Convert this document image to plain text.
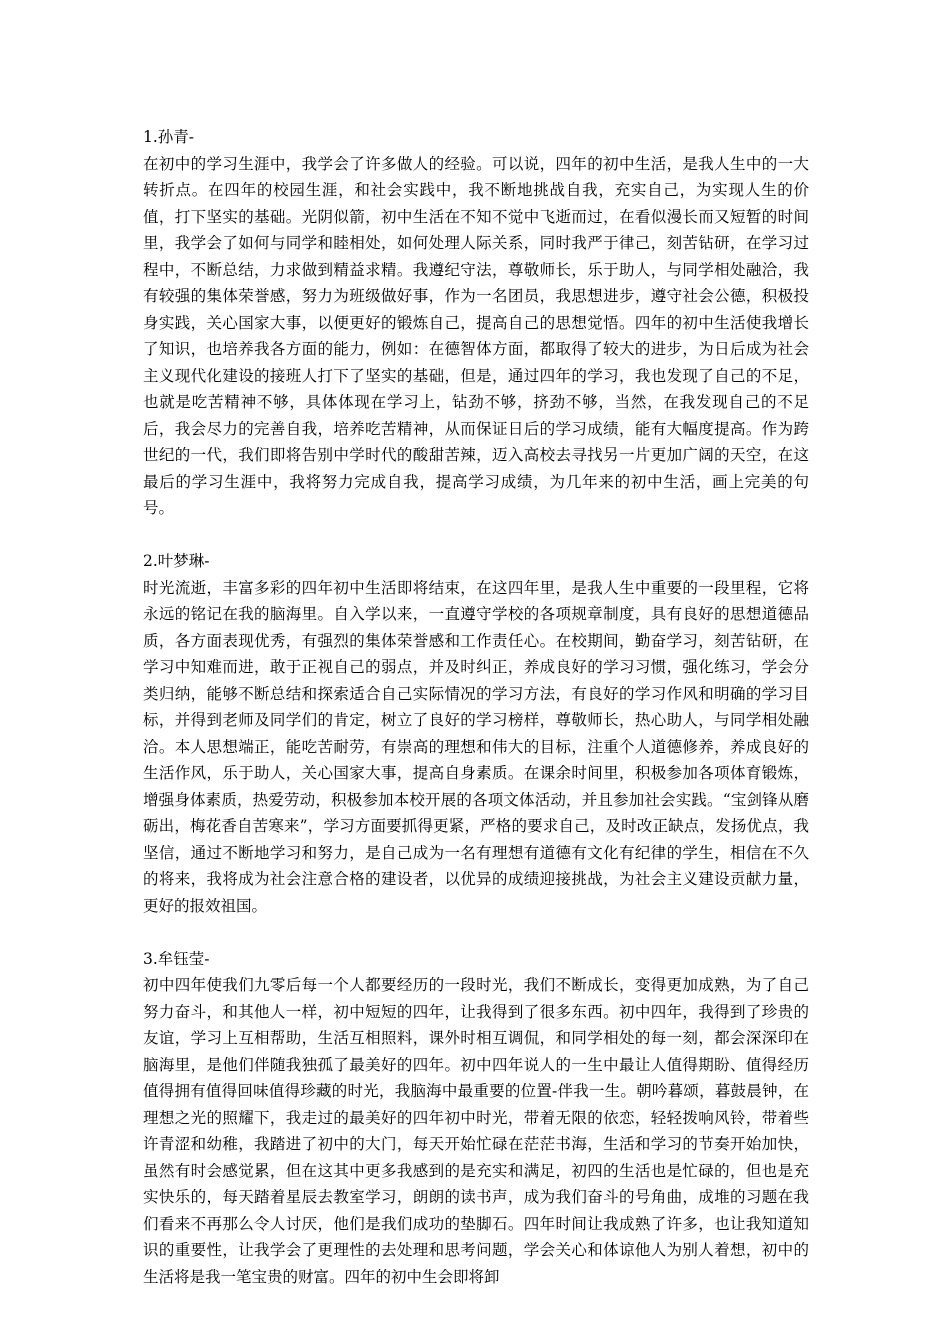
1.孙青-

在初中的学习生涯中，我学会了许多做人的经验。可以说，四年的初中生活，是我人生中的一大转折点。在四年的校园生涯，和社会实践中，我不断地挑战自我，充实自己，为实现人生的价值，打下坚实的基础。光阴似箭，初中生活在不知不觉中飞逝而过，在看似漫长而又短暂的时间里，我学会了如何与同学和睦相处，如何处理人际关系，同时我严于律己，刻苦钻研，在学习过程中，不断总结，力求做到精益求精。我遵纪守法，尊敬师长，乐于助人，与同学相处融洽，我有较强的集体荣誉感，努力为班级做好事，作为一名团员，我思想进步，遵守社会公德，积极投身实践，关心国家大事，以便更好的锻炼自己，提高自己的思想觉悟。四年的初中生活使我增长了知识，也培养我各方面的能力，例如：在德智体方面，都取得了较大的进步，为日后成为社会主义现代化建设的接班人打下了坚实的基础，但是，通过四年的学习，我也发现了自己的不足，也就是吃苦精神不够，具体体现在学习上，钻劲不够，挤劲不够，当然，在我发现自己的不足后，我会尽力的完善自我，培养吃苦精神，从而保证日后的学习成绩，能有大幅度提高。作为跨世纪的一代，我们即将告别中学时代的酸甜苦辣，迈入高校去寻找另一片更加广阔的天空，在这最后的学习生涯中，我将努力完成自我，提高学习成绩，为几年来的初中生活，画上完美的句号。

2.叶梦琳-

时光流逝，丰富多彩的四年初中生活即将结束，在这四年里，是我人生中重要的一段里程，它将永远的铭记在我的脑海里。自入学以来，一直遵守学校的各项规章制度，具有良好的思想道德品质，各方面表现优秀，有强烈的集体荣誉感和工作责任心。在校期间，勤奋学习，刻苦钻研，在学习中知难而进，敢于正视自己的弱点，并及时纠正，养成良好的学习习惯，强化练习，学会分类归纳，能够不断总结和探索适合自己实际情况的学习方法，有良好的学习作风和明确的学习目标，并得到老师及同学们的肯定，树立了良好的学习榜样，尊敬师长，热心助人，与同学相处融洽。本人思想端正，能吃苦耐劳，有崇高的理想和伟大的目标，注重个人道德修养，养成良好的生活作风，乐于助人，关心国家大事，提高自身素质。在课余时间里，积极参加各项体育锻炼，增强身体素质，热爱劳动，积极参加本校开展的各项文体活动，并且参加社会实践。“宝剑锋从磨砺出，梅花香自苦寒来”，学习方面要抓得更紧，严格的要求自己，及时改正缺点，发扬优点，我坚信，通过不断地学习和努力，是自己成为一名有理想有道德有文化有纪律的学生，相信在不久的将来，我将成为社会注意合格的建设者，以优异的成绩迎接挑战，为社会主义建设贡献力量，更好的报效祖国。

3.牟钰莹-

初中四年使我们九零后每一个人都要经历的一段时光，我们不断成长，变得更加成熟，为了自己努力奋斗，和其他人一样，初中短短的四年，让我得到了很多东西。初中四年，我得到了珍贵的友谊，学习上互相帮助，生活互相照料，课外时相互调侃，和同学相处的每一刻，都会深深印在脑海里，是他们伴随我独孤了最美好的四年。初中四年说人的一生中最让人值得期盼、值得经历值得拥有值得回味值得珍藏的时光，我脑海中最重要的位置-伴我一生。朝吟暮颂，暮鼓晨钟，在理想之光的照耀下，我走过的最美好的四年初中时光，带着无限的依恋，轻轻拨响风铃，带着些许青涩和幼稚，我踏进了初中的大门，每天开始忙碌在茫茫书海，生活和学习的节奏开始加快，虽然有时会感觉累，但在这其中更多我感到的是充实和满足，初四的生活也是忙碌的，但也是充实快乐的，每天踏着星辰去教室学习，朗朗的读书声，成为我们奋斗的号角曲，成堆的习题在我们看来不再那么令人讨厌，他们是我们成功的垫脚石。四年时间让我成熟了许多，也让我知道知识的重要性，让我学会了更理性的去处理和思考问题，学会关心和体谅他人为别人着想，初中的生活将是我一笔宝贵的财富。四年的初中生会即将卸
